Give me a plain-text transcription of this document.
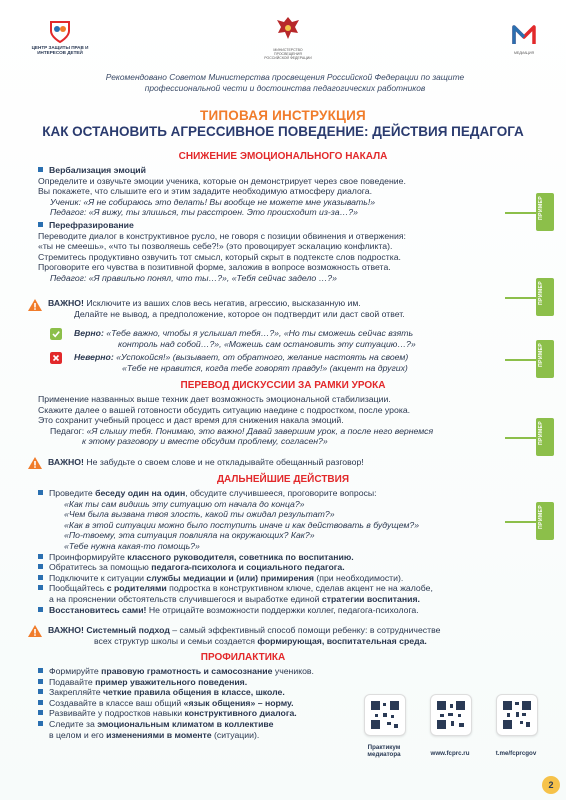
ЦЕНТР ЗАЩИТЫ ПРАВ И ИНТЕРЕСОВ ДЕТЕЙ	МИНИСТЕРСТВО ПРОСВЕЩЕНИЯ РОССИЙСКОЙ ФЕДЕРАЦИИ
МЕДИАЦИЯ
Рекомендовано Советом Министерства просвещения Российской Федерации по защите профессиональной чести и достоинства педагогических работников
ТИПОВАЯ ИНСТРУКЦИЯ
КАК ОСТАНОВИТЬ АГРЕССИВНОЕ ПОВЕДЕНИЕ: ДЕЙСТВИЯ ПЕДАГОГА
СНИЖЕНИЕ ЭМОЦИОНАЛЬНОГО НАКАЛА
Вербализация эмоций
Определите и озвучьте эмоции ученика, которые он демонстрирует через свое поведение.
Вы покажете, что слышите его и этим зададите необходимую атмосферу диалога.
Ученик: «Я не собираюсь это делать! Вы вообще не можете мне указывать!»
Педагог: «Я вижу, ты злишься, ты расстроен. Это происходит из-за…?»
Перефразирование
Переводите диалог в конструктивное русло, не говоря с позиции обвинения и отвержения:
«ты не смеешь», «что ты позволяешь себе?!» (это провоцирует эскалацию конфликта).
Стремитесь продуктивно озвучить тот смысл, который скрыт в подтексте слов подростка.
Проговорите его чувства в позитивной форме, заложив в вопросе возможность ответа.
Педагог: «Я правильно понял, что ты…?», «Тебя сейчас задело …?»
ВАЖНО! Исключите из ваших слов весь негатив, агрессию, высказанную им.
Делайте не вывод, а предположение, которое он подтвердит или даст свой ответ.
Верно: «Тебе важно, чтобы я услышал тебя…?», «Но ты сможешь сейчас взять
контроль над собой…?», «Можешь сам остановить эту ситуацию…?»
Неверно: «Успокойся!» (вызывает, от обратного, желание настоять на своем)
«Тебе не нравится, когда тебе говорят правду!» (акцент на других)
ПЕРЕВОД ДИСКУССИИ ЗА РАМКИ УРОКА
Применение названных выше техник дает возможность эмоциональной стабилизации.
Скажите далее о вашей готовности обсудить ситуацию наедине с подростком, после урока.
Это сохранит учебный процесс и даст время для снижения накала эмоций.
Педагог: «Я слышу тебя. Понимаю, это важно! Давай завершим урок, а после него вернемся
к этому разговору и вместе обсудим проблему, согласен?»
ВАЖНО! Не забудьте о своем слове и не откладывайте обещанный разговор!
ДАЛЬНЕЙШИЕ ДЕЙСТВИЯ
Проведите беседу один на один, обсудите случившееся, проговорите вопросы:
«Как ты сам видишь эту ситуацию от начала до конца?»
«Чем была вызвана твоя злость, какой ты ожидал результат?»
«Как в этой ситуации можно было поступить иначе и как действовать в будущем?»
«По-твоему, эта ситуация повлияла на окружающих? Как?»
«Тебе нужна какая-то помощь?»
Проинформируйте классного руководителя, советника по воспитанию.
Обратитесь за помощью педагога-психолога и социального педагога.
Подключите к ситуации службы медиации и (или) примирения (при необходимости).
Пообщайтесь с родителями подростка в конструктивном ключе, сделав акцент не на жалобе,
а на прояснении обстоятельств случившегося и выработке единой стратегии воспитания.
Восстановитесь сами! Не отрицайте возможности поддержки коллег, педагога-психолога.
ВАЖНО! Системный подход – самый эффективный способ помощи ребенку: в сотрудничестве
всех структур школы и семьи создается формирующая, воспитательная среда.
ПРОФИЛАКТИКА
Формируйте правовую грамотность и самосознание учеников.
Подавайте пример уважительного поведения.
Закрепляйте четкие правила общения в классе, школе.
Создавайте в классе ваш общий «язык общения» – норму.
Развивайте у подростков навыки конструктивного диалога.
Следите за эмоциональным климатом в коллективе
в целом и его изменениями в моменте (ситуации).
Практикум медиатора	www.fcprc.ru	t.me/fcprcgov
ПРИМЕР
ПРИМЕР
ПРИМЕР
ПРИМЕР
ПРИМЕР
2
